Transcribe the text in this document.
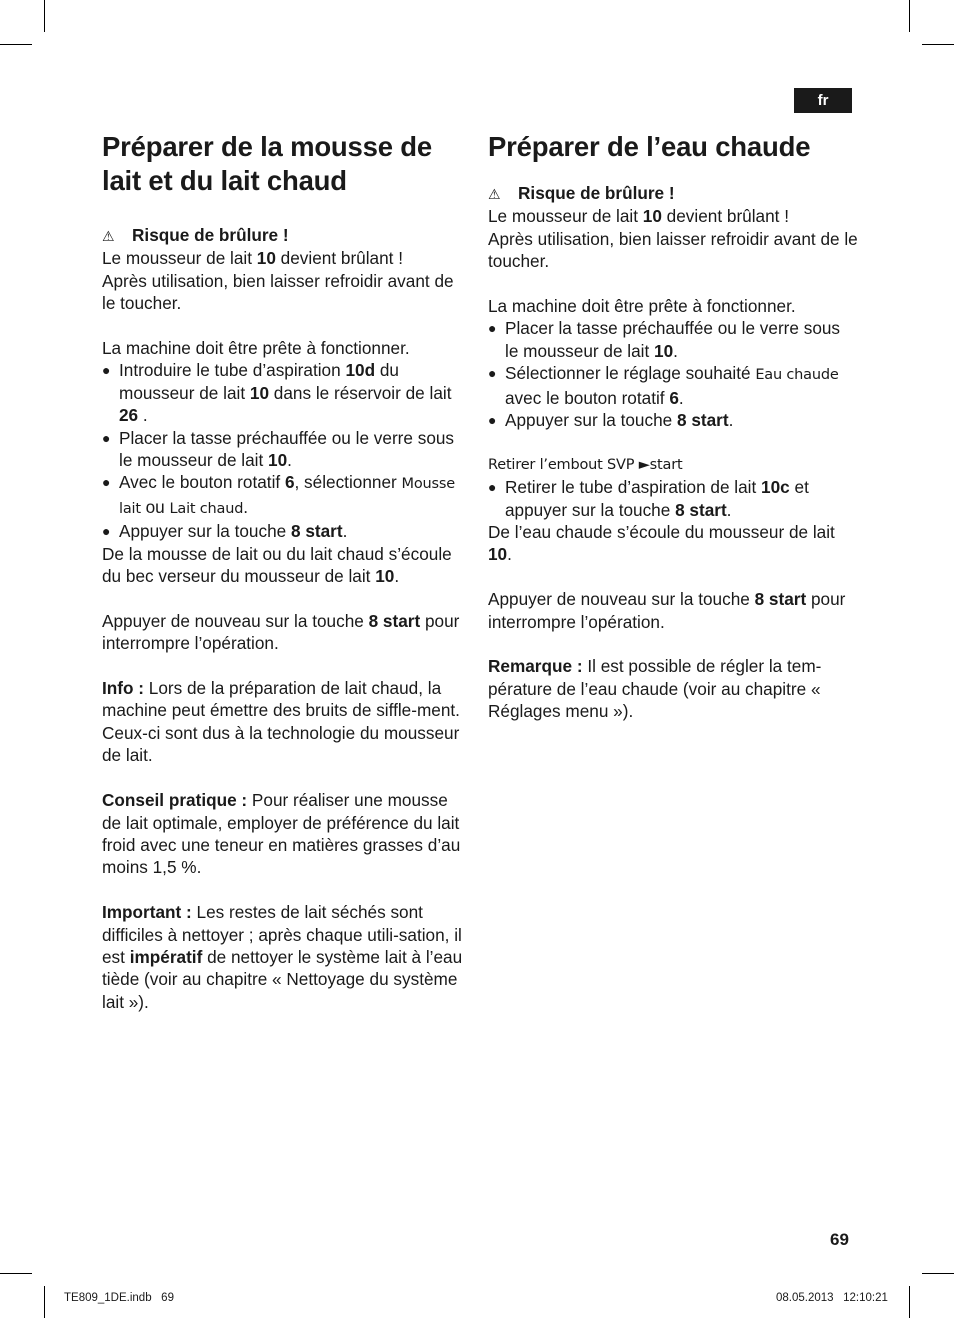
fr
Préparer de la mousse de lait et du lait chaud
⚠	Risque de brûlure !

Le mousseur de lait 10 devient brûlant !

Après utilisation, bien laisser refroidir avant de le toucher.

La machine doit être prête à fonctionner.

● Introduire le tube d’aspiration 10d du mousseur de lait 10 dans le réservoir de lait 26 .
● Placer la tasse préchauffée ou le verre sous le mousseur de lait 10.
● Avec le bouton rotatif 6, sélectionner Mousse lait ou Lait chaud.
● Appuyer sur la touche 8 start.

De la mousse de lait ou du lait chaud s’écoule du bec verseur du mousseur de lait 10.

Appuyer de nouveau sur la touche 8 start pour interrompre l’opération.

Info : Lors de la préparation de lait chaud, la machine peut émettre des bruits de siffle-ment. Ceux-ci sont dus à la technologie du mousseur de lait.

Conseil pratique : Pour réaliser une mousse de lait optimale, employer de préférence du lait froid avec une teneur en matières grasses d’au moins 1,5 %.

Important : Les restes de lait séchés sont difficiles à nettoyer ; après chaque utili-sation, il est impératif de nettoyer le système lait à l’eau tiède (voir au chapitre « Nettoyage du système lait »).

Préparer de l’eau chaude
⚠	Risque de brûlure !

Le mousseur de lait 10 devient brûlant !

Après utilisation, bien laisser refroidir avant de le toucher.

La machine doit être prête à fonctionner.

● Placer la tasse préchauffée ou le verre sous le mousseur de lait 10.
● Sélectionner le réglage souhaité Eau chaude avec le bouton rotatif 6.
● Appuyer sur la touche 8 start.

Retirer l’embout SVP ►start

● Retirer le tube d’aspiration de lait 10c et appuyer sur la touche 8 start.

De l’eau chaude s’écoule du mousseur de lait 10.

Appuyer de nouveau sur la touche 8 start pour interrompre l’opération.

Remarque : Il est possible de régler la tem-pérature de l’eau chaude (voir au chapitre « Réglages menu »).

69
TE809_1DE.indb   69	08.05.2013   12:10:21
